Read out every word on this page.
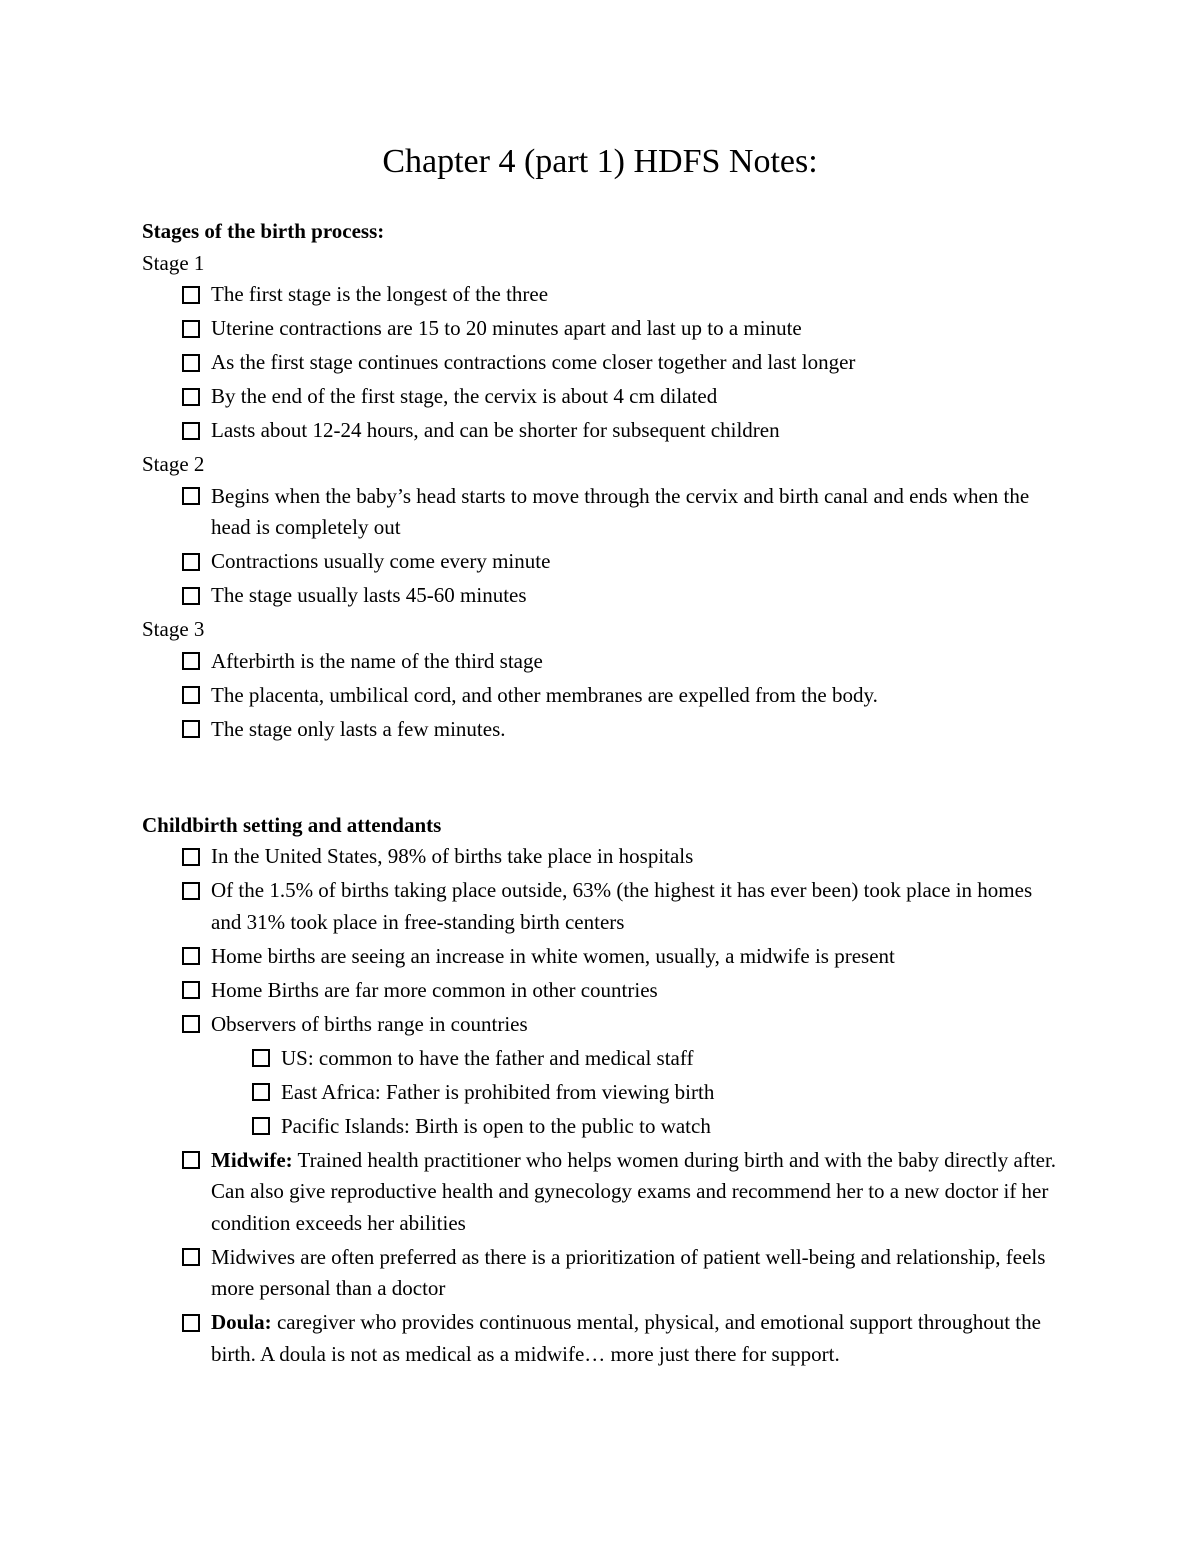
Chapter 4 (part 1) HDFS Notes:
Stages of the birth process:
Stage 1
The first stage is the longest of the three
Uterine contractions are 15 to 20 minutes apart and last up to a minute
As the first stage continues contractions come closer together and last longer
By the end of the first stage, the cervix is about 4 cm dilated
Lasts about 12-24 hours, and can be shorter for subsequent children
Stage 2
Begins when the baby’s head starts to move through the cervix and birth canal and ends when the head is completely out
Contractions usually come every minute
The stage usually lasts 45-60 minutes
Stage 3
Afterbirth is the name of the third stage
The placenta, umbilical cord, and other membranes are expelled from the body.
The stage only lasts a few minutes.
Childbirth setting and attendants
In the United States, 98% of births take place in hospitals
Of the 1.5% of births taking place outside, 63% (the highest it has ever been) took place in homes and 31% took place in free-standing birth centers
Home births are seeing an increase in white women, usually, a midwife is present
Home Births are far more common in other countries
Observers of births range in countries
US: common to have the father and medical staff
East Africa: Father is prohibited from viewing birth
Pacific Islands: Birth is open to the public to watch
Midwife: Trained health practitioner who helps women during birth and with the baby directly after. Can also give reproductive health and gynecology exams and recommend her to a new doctor if her condition exceeds her abilities
Midwives are often preferred as there is a prioritization of patient well-being and relationship, feels more personal than a doctor
Doula: caregiver who provides continuous mental, physical, and emotional support throughout the birth. A doula is not as medical as a midwife… more just there for support.
